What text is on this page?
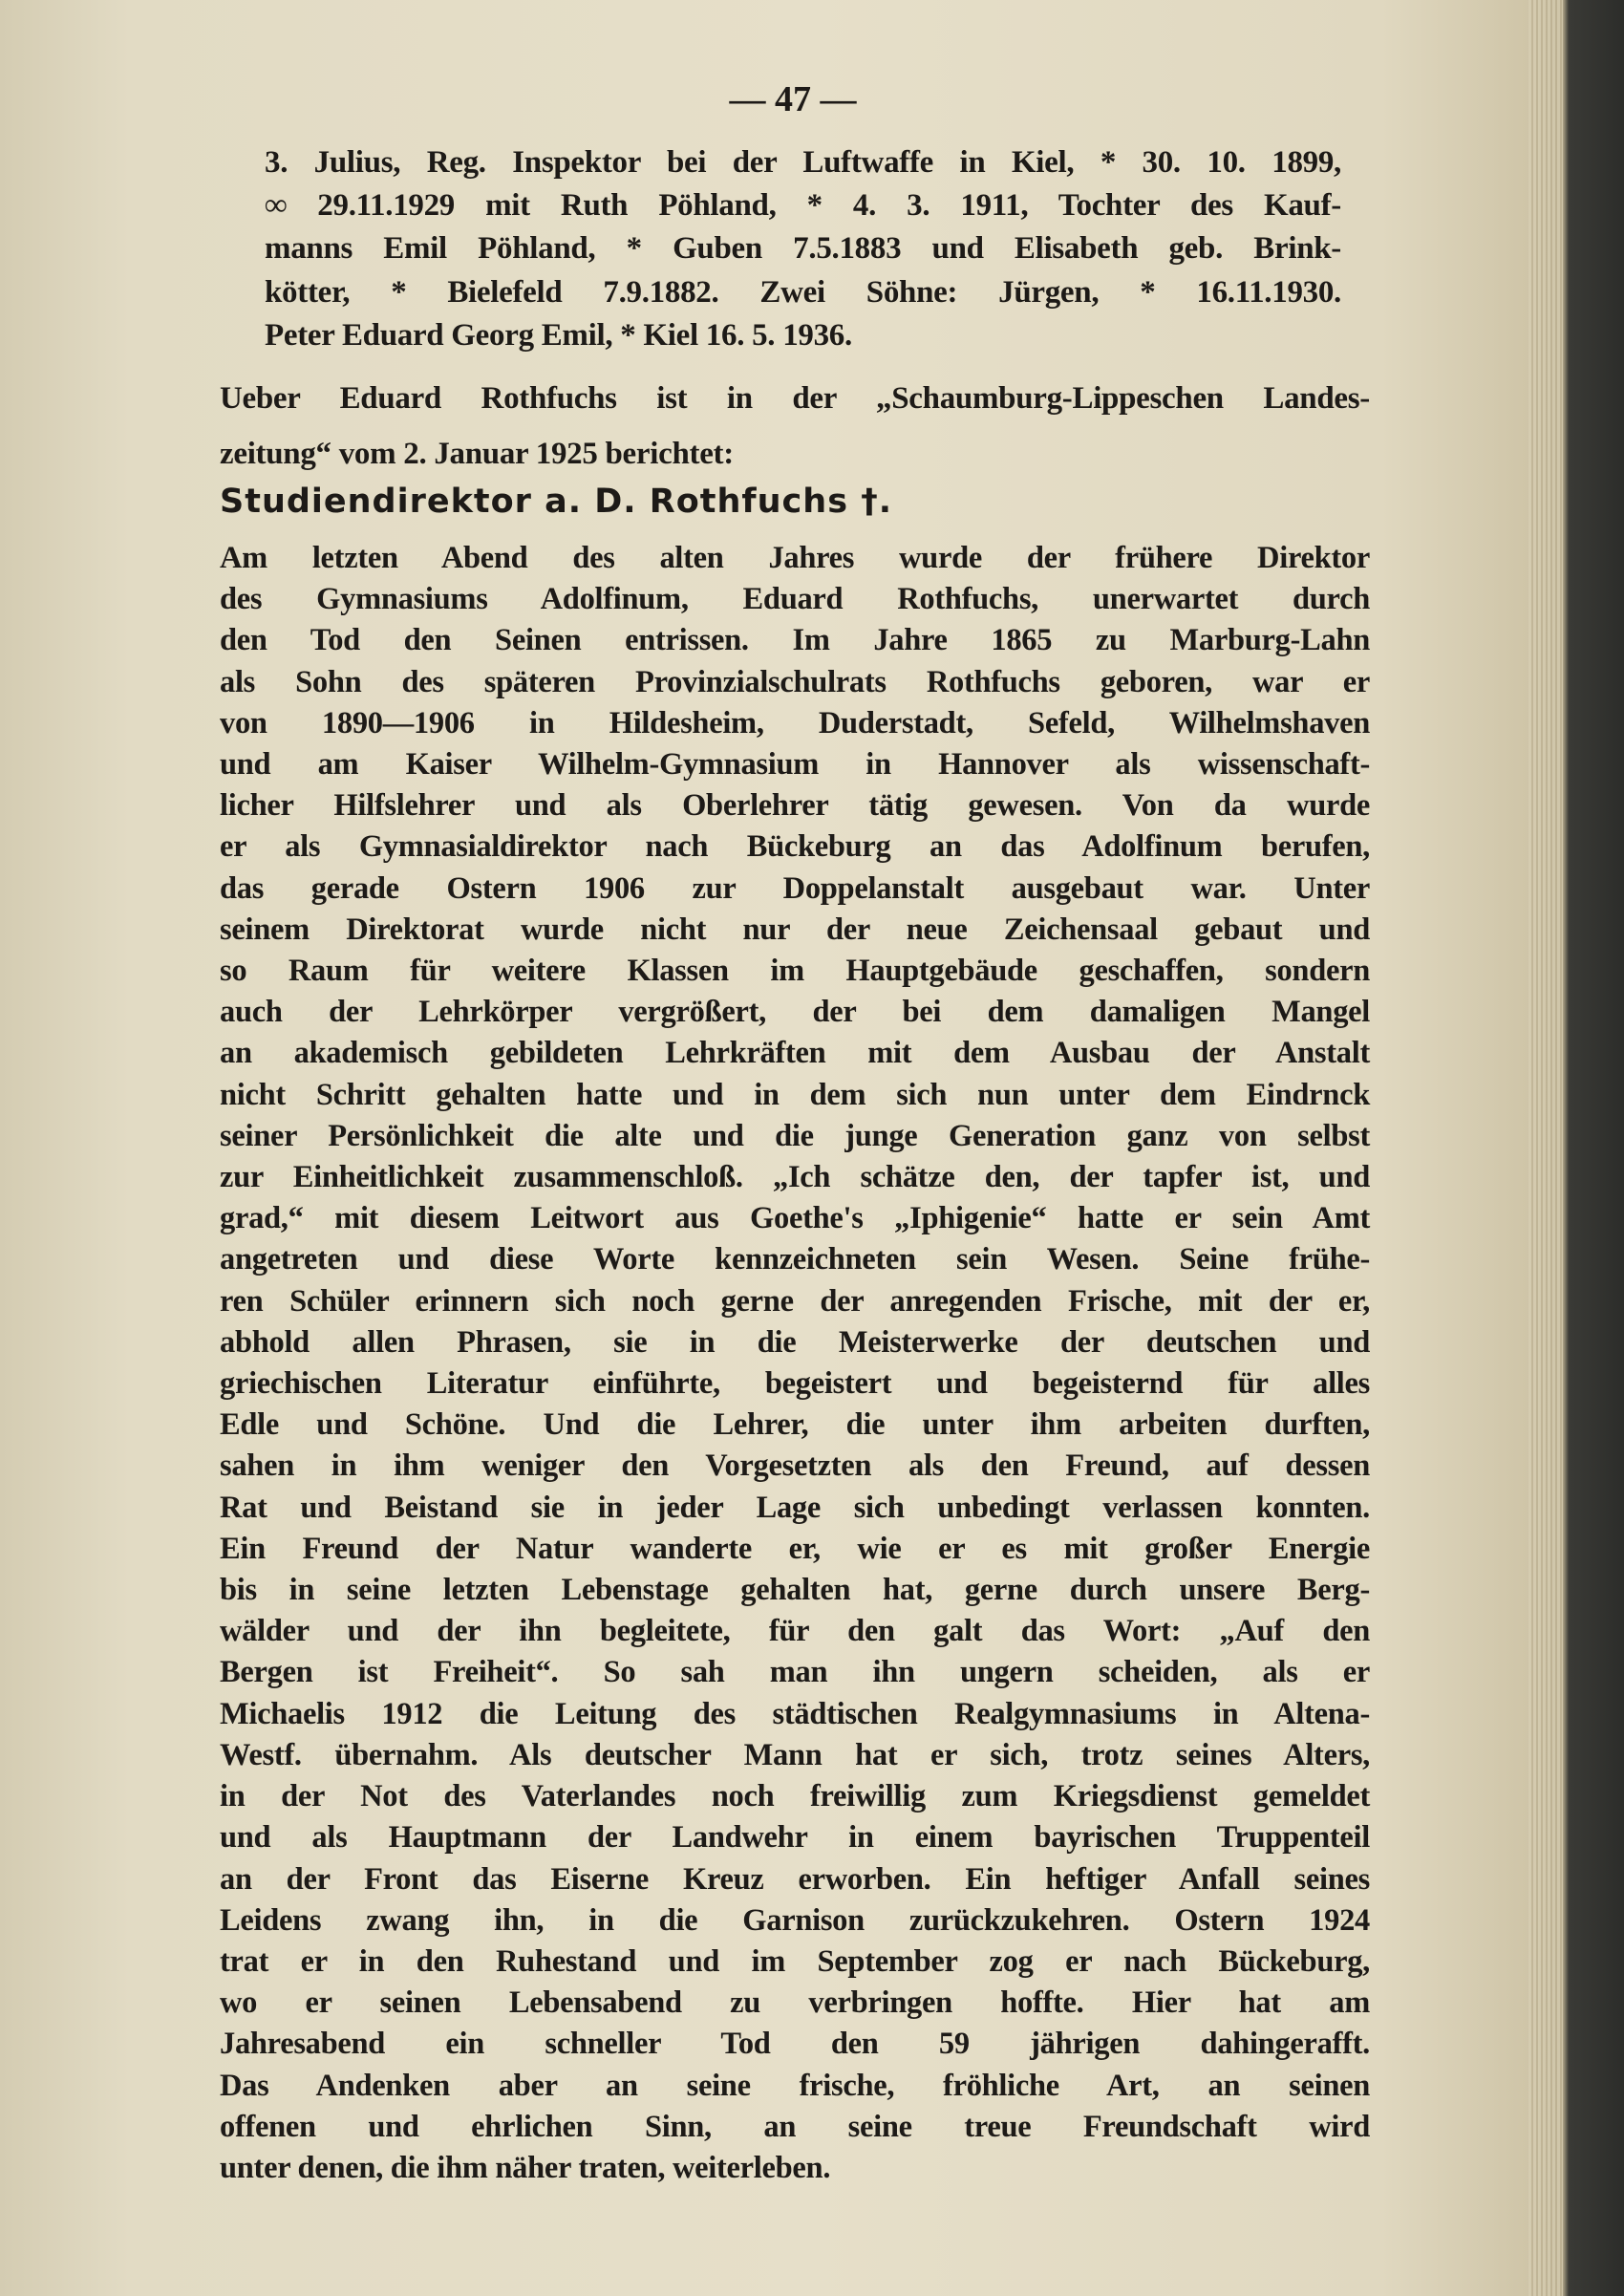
— 47 —
3. Julius, Reg. Inspektor bei der Luftwaffe in Kiel, * 30. 10. 1899,
∞ 29.11.1929 mit Ruth Pöhland, * 4. 3. 1911, Tochter des Kauf-
manns Emil Pöhland, * Guben 7.5.1883 und Elisabeth geb. Brink-
kötter, * Bielefeld 7.9.1882. Zwei Söhne: Jürgen, * 16.11.1930.
Peter Eduard Georg Emil, * Kiel 16. 5. 1936.
Ueber Eduard Rothfuchs ist in der „Schaumburg-Lippeschen Landes-
zeitung“ vom 2. Januar 1925 berichtet:
Studiendirektor a. D. Rothfuchs †.
Am letzten Abend des alten Jahres wurde der frühere Direktor
des Gymnasiums Adolfinum, Eduard Rothfuchs, unerwartet durch
den Tod den Seinen entrissen. Im Jahre 1865 zu Marburg-Lahn
als Sohn des späteren Provinzialschulrats Rothfuchs geboren, war er
von 1890—1906 in Hildesheim, Duderstadt, Sefeld, Wilhelmshaven
und am Kaiser Wilhelm-Gymnasium in Hannover als wissenschaft-
licher Hilfslehrer und als Oberlehrer tätig gewesen. Von da wurde
er als Gymnasialdirektor nach Bückeburg an das Adolfinum berufen,
das gerade Ostern 1906 zur Doppelanstalt ausgebaut war. Unter
seinem Direktorat wurde nicht nur der neue Zeichensaal gebaut und
so Raum für weitere Klassen im Hauptgebäude geschaffen, sondern
auch der Lehrkörper vergrößert, der bei dem damaligen Mangel
an akademisch gebildeten Lehrkräften mit dem Ausbau der Anstalt
nicht Schritt gehalten hatte und in dem sich nun unter dem Eindrnck
seiner Persönlichkeit die alte und die junge Generation ganz von selbst
zur Einheitlichkeit zusammenschloß. „Ich schätze den, der tapfer ist, und
grad,“ mit diesem Leitwort aus Goethe's „Iphigenie“ hatte er sein Amt
angetreten und diese Worte kennzeichneten sein Wesen. Seine frühe-
ren Schüler erinnern sich noch gerne der anregenden Frische, mit der er,
abhold allen Phrasen, sie in die Meisterwerke der deutschen und
griechischen Literatur einführte, begeistert und begeisternd für alles
Edle und Schöne. Und die Lehrer, die unter ihm arbeiten durften,
sahen in ihm weniger den Vorgesetzten als den Freund, auf dessen
Rat und Beistand sie in jeder Lage sich unbedingt verlassen konnten.
Ein Freund der Natur wanderte er, wie er es mit großer Energie
bis in seine letzten Lebenstage gehalten hat, gerne durch unsere Berg-
wälder und der ihn begleitete, für den galt das Wort: „Auf den
Bergen ist Freiheit“. So sah man ihn ungern scheiden, als er
Michaelis 1912 die Leitung des städtischen Realgymnasiums in Altena-
Westf. übernahm. Als deutscher Mann hat er sich, trotz seines Alters,
in der Not des Vaterlandes noch freiwillig zum Kriegsdienst gemeldet
und als Hauptmann der Landwehr in einem bayrischen Truppenteil
an der Front das Eiserne Kreuz erworben. Ein heftiger Anfall seines
Leidens zwang ihn, in die Garnison zurückzukehren. Ostern 1924
trat er in den Ruhestand und im September zog er nach Bückeburg,
wo er seinen Lebensabend zu verbringen hoffte. Hier hat am
Jahresabend ein schneller Tod den 59 jährigen dahingerafft.
Das Andenken aber an seine frische, fröhliche Art, an seinen
offenen und ehrlichen Sinn, an seine treue Freundschaft wird
unter denen, die ihm näher traten, weiterleben.
